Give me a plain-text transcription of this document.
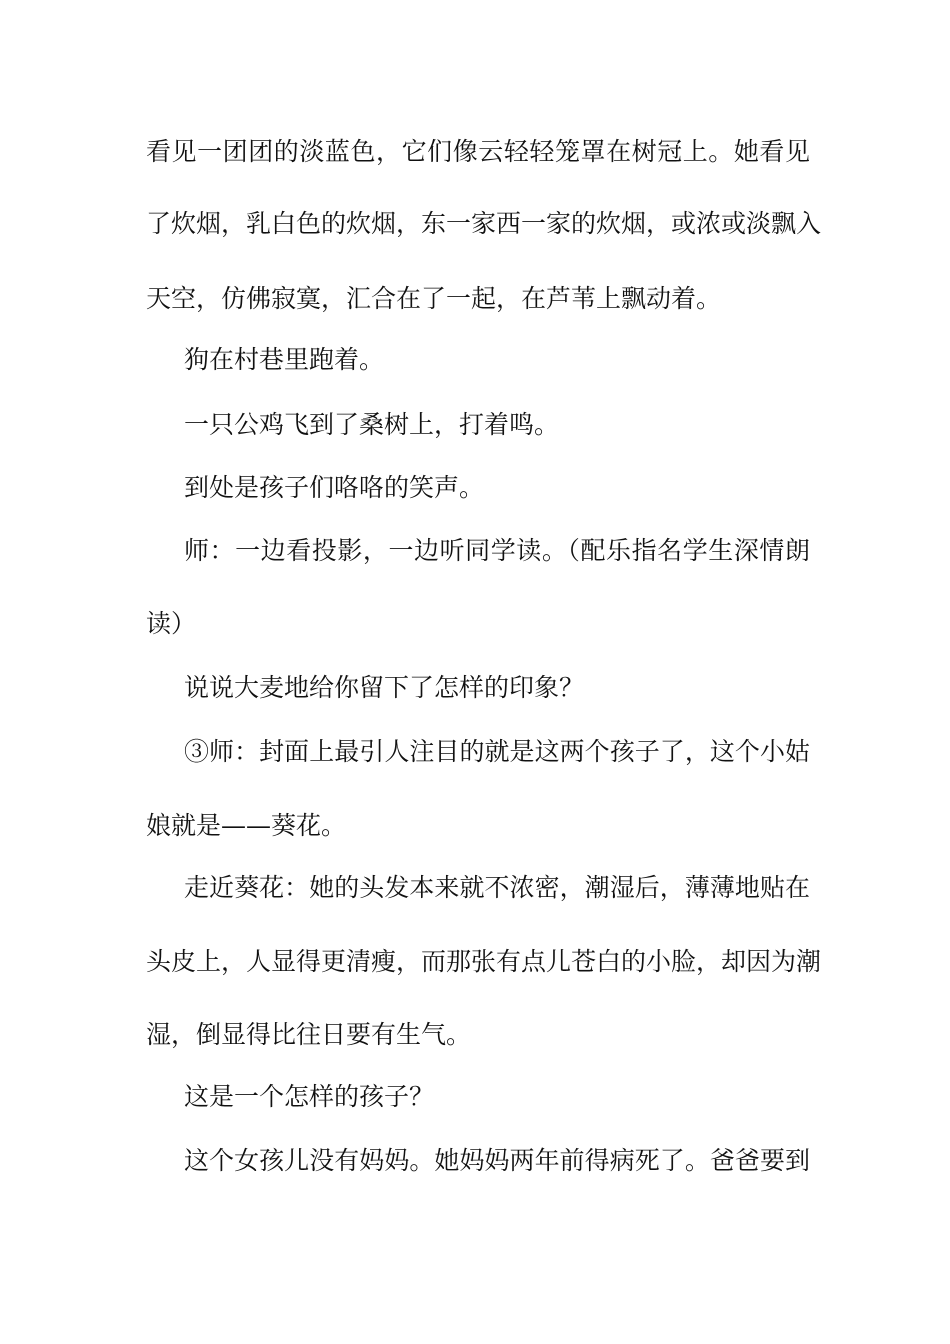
看见一团团的淡蓝色，它们像云轻轻笼罩在树冠上。她看见
了炊烟，乳白色的炊烟，东一家西一家的炊烟，或浓或淡飘入
天空，仿佛寂寞，汇合在了一起，在芦苇上飘动着。
狗在村巷里跑着。
一只公鸡飞到了桑树上，打着鸣。
到处是孩子们咯咯的笑声。
师：一边看投影，一边听同学读。（配乐指名学生深情朗
读）
说说大麦地给你留下了怎样的印象？
③师：封面上最引人注目的就是这两个孩子了，这个小姑
娘就是——葵花。
走近葵花：她的头发本来就不浓密，潮湿后，薄薄地贴在
头皮上，人显得更清瘦，而那张有点儿苍白的小脸，却因为潮
湿，倒显得比往日要有生气。
这是一个怎样的孩子？
这个女孩儿没有妈妈。她妈妈两年前得病死了。爸爸要到
